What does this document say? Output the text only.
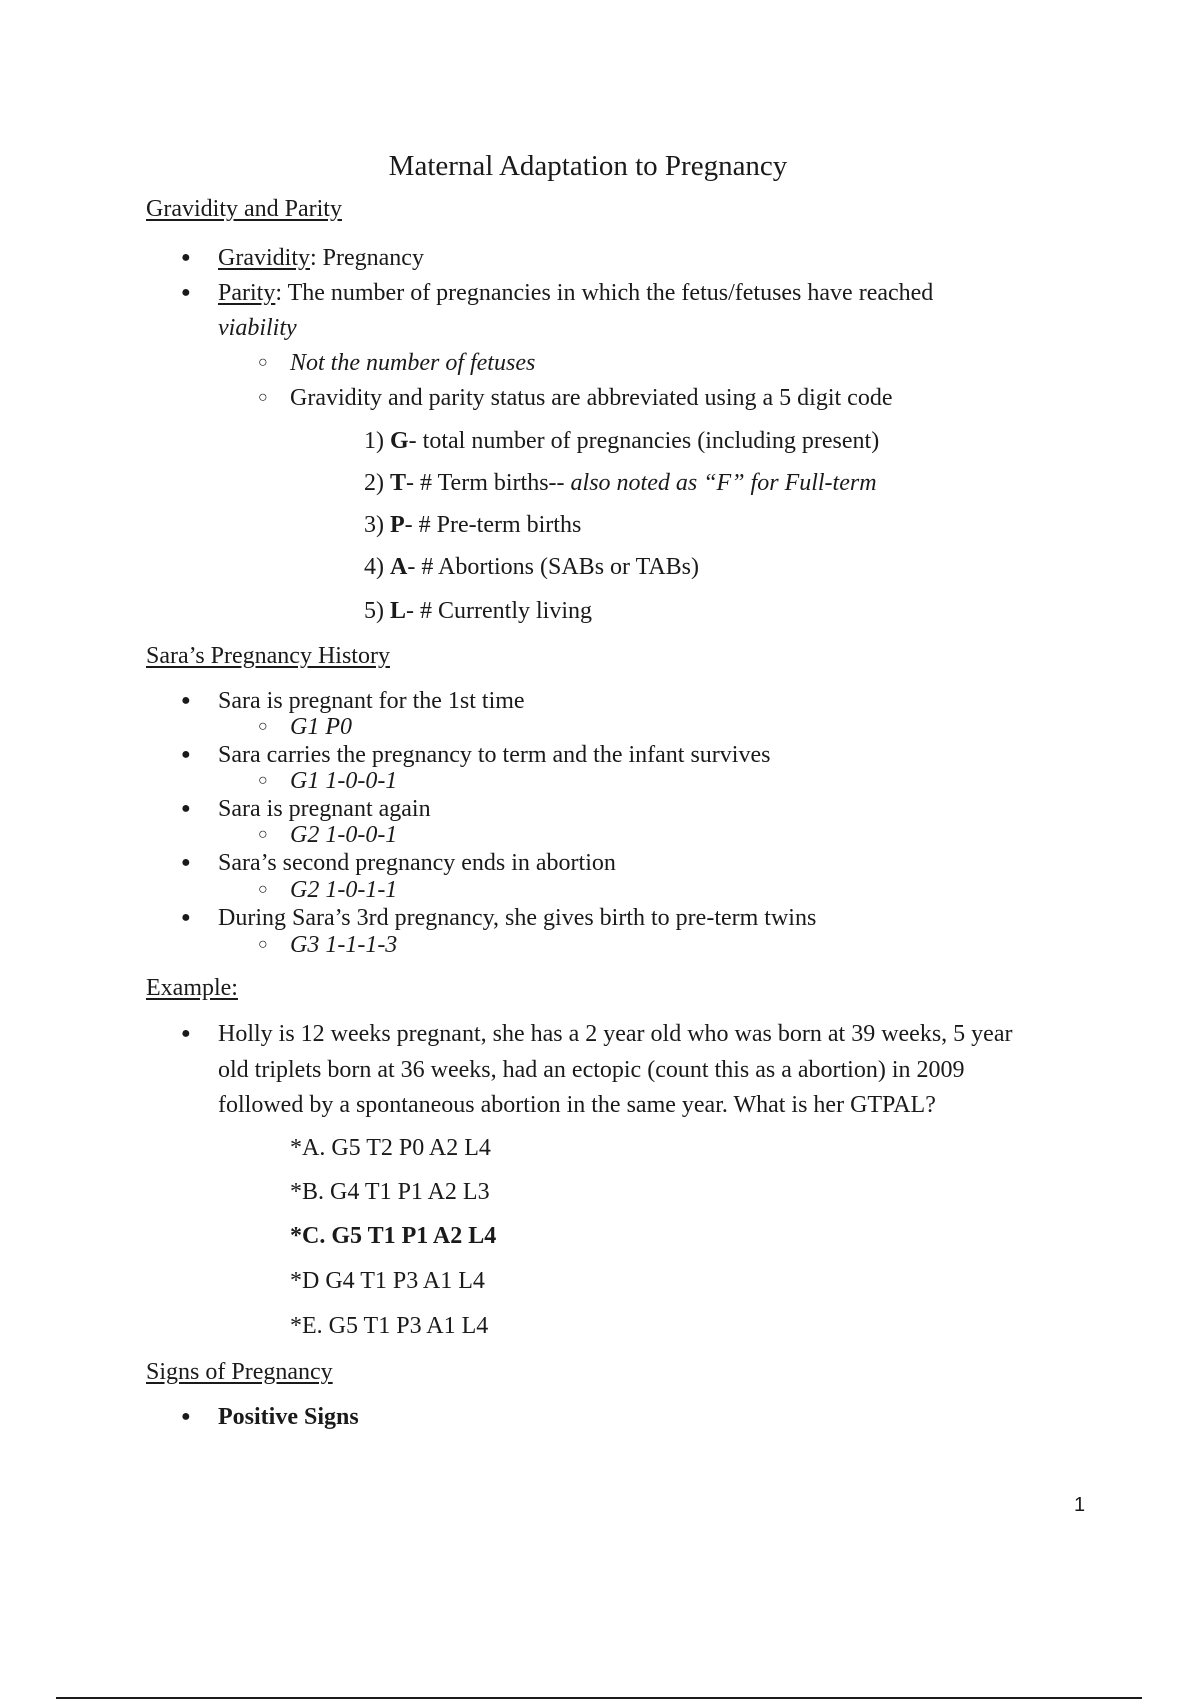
Maternal Adaptation to Pregnancy
Gravidity and Parity
● Gravidity: Pregnancy
● Parity: The number of pregnancies in which the fetus/fetuses have reached
viability
○ Not the number of fetuses
○ Gravidity and parity status are abbreviated using a 5 digit code
1) G- total number of pregnancies (including present)
2) T- # Term births-- also noted as “F” for Full-term
3) P- # Pre-term births
4) A- # Abortions (SABs or TABs)
5) L- # Currently living
Sara’s Pregnancy History
● Sara is pregnant for the 1st time
○ G1 P0
● Sara carries the pregnancy to term and the infant survives
○ G1 1-0-0-1
● Sara is pregnant again
○ G2 1-0-0-1
● Sara’s second pregnancy ends in abortion
○ G2 1-0-1-1
● During Sara’s 3rd pregnancy, she gives birth to pre-term twins
○ G3 1-1-1-3
Example:
● Holly is 12 weeks pregnant, she has a 2 year old who was born at 39 weeks, 5 year
old triplets born at 36 weeks, had an ectopic (count this as a abortion) in 2009
followed by a spontaneous abortion in the same year. What is her GTPAL?
*A. G5 T2 P0 A2 L4
*B. G4 T1 P1 A2 L3
*C. G5 T1 P1 A2 L4
*D G4 T1 P3 A1 L4
*E. G5 T1 P3 A1 L4
Signs of Pregnancy
● Positive Signs
1
